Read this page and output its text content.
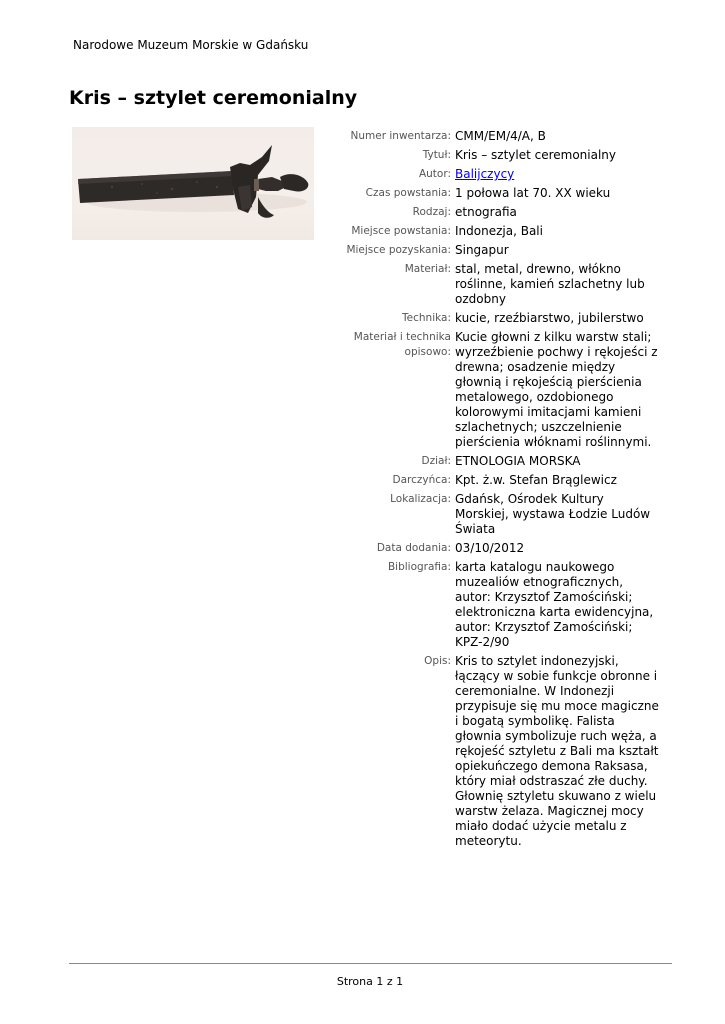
Narodowe Muzeum Morskie w Gdańsku
Kris – sztylet ceremonialny
Numer inwentarza: CMM/EM/4/A, B
Tytuł: Kris – sztylet ceremonialny
Autor: Balijczycy
Czas powstania: 1 połowa lat 70. XX wieku
Rodzaj: etnografia
Miejsce powstania: Indonezja, Bali
Miejsce pozyskania: Singapur
Materiał: stal, metal, drewno, włókno roślinne, kamień szlachetny lub ozdobny
Technika: kucie, rzeźbiarstwo, jubilerstwo
Materiał i technika opisowo:
Kucie głowni z kilku warstw stali; wyrzeźbienie pochwy i rękojeści z drewna; osadzenie między głownią i rękojeścią pierścienia metalowego, ozdobionego kolorowymi imitacjami kamieni szlachetnych; uszczelnienie pierścienia włóknami roślinnymi.
Dział: ETNOLOGIA MORSKA
Darczyńca: Kpt. ż.w. Stefan Brąglewicz
Lokalizacja: Gdańsk, Ośrodek Kultury Morskiej, wystawa Łodzie Ludów Świata
Data dodania: 03/10/2012
Bibliografia: karta katalogu naukowego muzealiów etnograficznych, autor: Krzysztof Zamościński; elektroniczna karta ewidencyjna, autor: Krzysztof Zamościński; KPZ-2/90
Opis: Kris to sztylet indonezyjski, łączący w sobie funkcje obronne i ceremonialne. W Indonezji przypisuje się mu moce magiczne i bogatą symbolikę. Falista głownia symbolizuje ruch węża, a rękojeść sztyletu z Bali ma kształt opiekuńczego demona Raksasa, który miał odstraszać złe duchy. Głownię sztyletu skuwano z wielu warstw żelaza. Magicznej mocy miało dodać użycie metalu z meteorytu.
Strona 1 z 1
